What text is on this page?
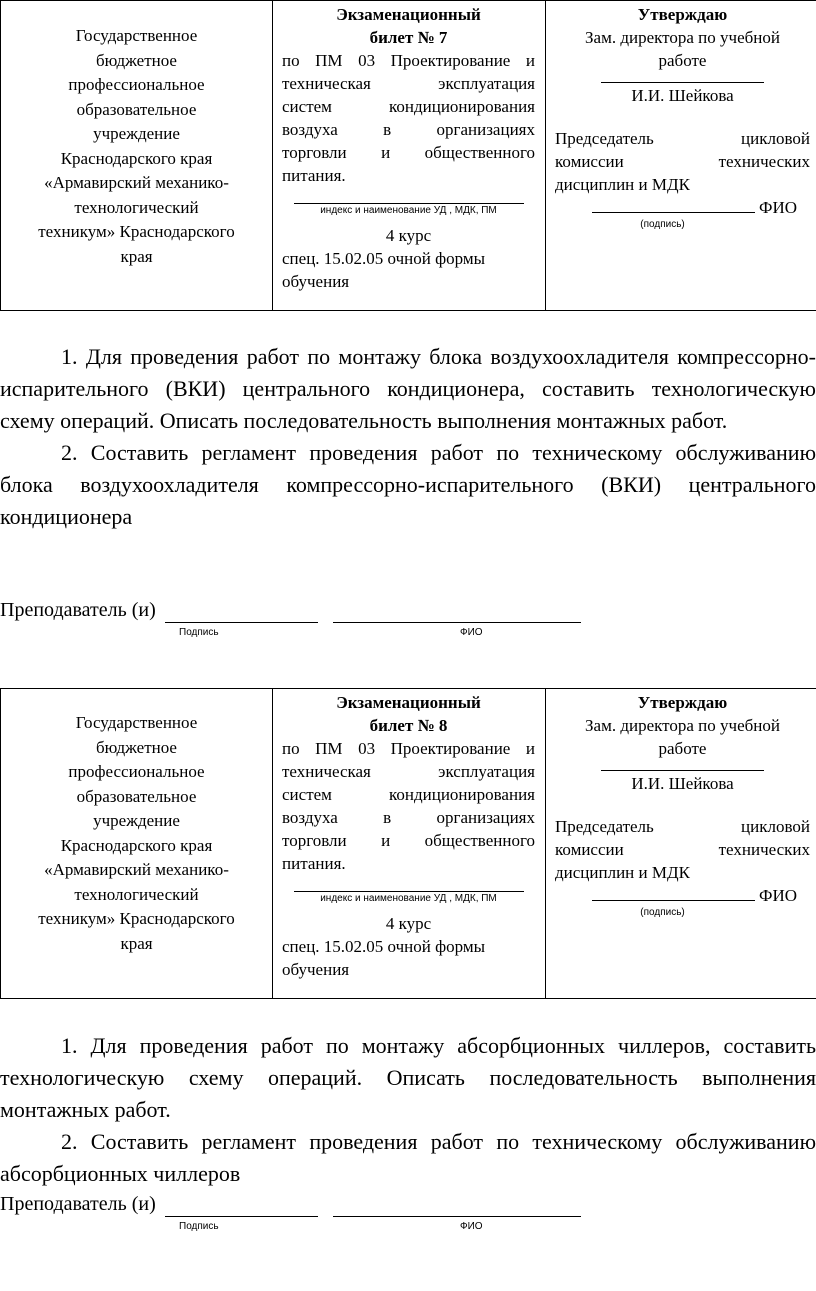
Государственное
бюджетное
профессиональное
образовательное
учреждение
Краснодарского края
«Армавирский механико-
технологический
техникум» Краснодарского
края

Экзаменационный
билет № 7
по ПМ 03 Проектирование и
техническая эксплуатация
систем кондиционирования
воздуха в организациях
торговли и общественного
питания.
индекс и наименование УД , МДК, ПМ
4 курс
спец. 15.02.05 очной формы
обучения

Утверждаю
Зам. директора по учебной
работе
И.И. Шейкова
Председатель цикловой
комиссии технических
дисциплин и МДК
ФИО
(подпись)

1. Для проведения работ по монтажу блока воздухоохладителя компрессорно-испарительного (ВКИ) центрального кондиционера, составить технологическую схему операций. Описать последовательность выполнения монтажных работ.

2. Составить регламент проведения работ по техническому обслуживанию блока воздухоохладителя компрессорно-испарительного (ВКИ) центрального кондиционера

Преподаватель (и)
Подпись	ФИО
Государственное
бюджетное
профессиональное
образовательное
учреждение
Краснодарского края
«Армавирский механико-
технологический
техникум» Краснодарского
края

Экзаменационный
билет № 8
по ПМ 03 Проектирование и
техническая эксплуатация
систем кондиционирования
воздуха в организациях
торговли и общественного
питания.
индекс и наименование УД , МДК, ПМ
4 курс
спец. 15.02.05 очной формы
обучения

Утверждаю
Зам. директора по учебной
работе
И.И. Шейкова
Председатель цикловой
комиссии технических
дисциплин и МДК
ФИО
(подпись)

1. Для проведения работ по монтажу абсорбционных чиллеров, составить технологическую схему операций. Описать последовательность выполнения монтажных работ.

2. Составить регламент проведения работ по техническому обслуживанию абсорбционных чиллеров

Преподаватель (и)
Подпись	ФИО
